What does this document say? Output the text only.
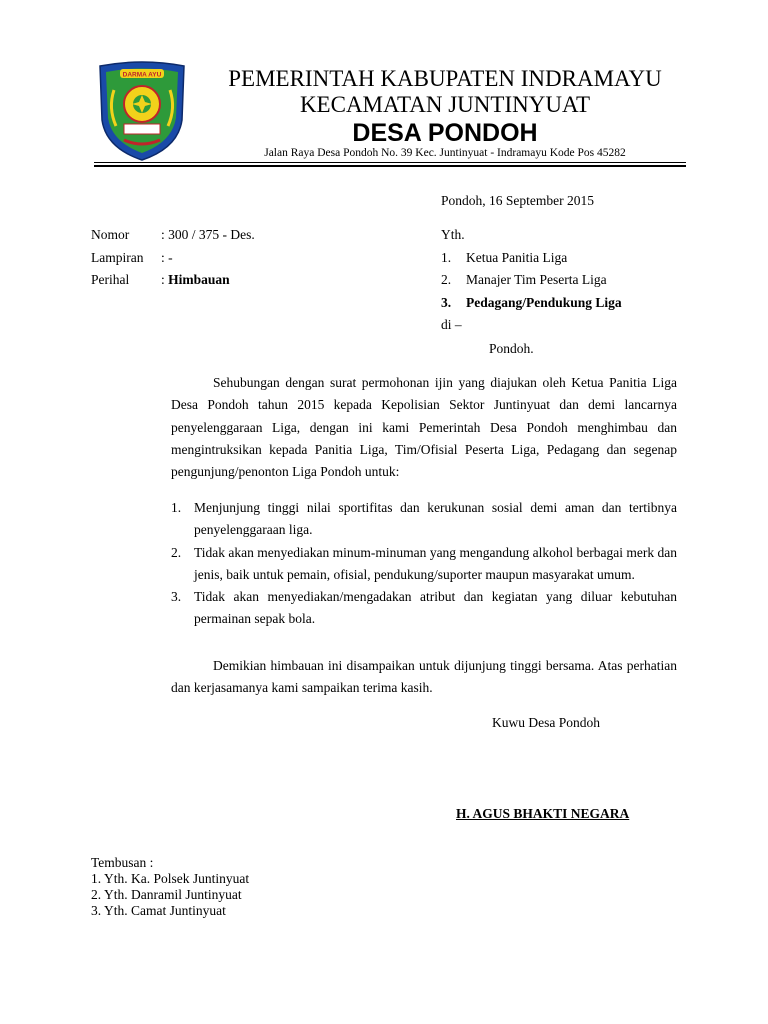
DARMA AYU	PEMERINTAH KABUPATEN INDRAMAYU
KECAMATAN JUNTINYUAT
DESA PONDOH
Jalan Raya Desa Pondoh No. 39 Kec. Juntinyuat - Indramayu Kode Pos 45282
Pondoh, 16 September 2015
Nomor : 300 / 375 - Des.
Lampiran : -
Perihal : Himbauan
Yth.
1. Ketua Panitia Liga
2. Manajer Tim Peserta Liga
3. Pedagang/Pendukung Liga
di –
Pondoh.
Sehubungan dengan surat permohonan ijin yang diajukan oleh Ketua Panitia Liga Desa Pondoh tahun 2015 kepada Kepolisian Sektor Juntinyuat dan demi lancarnya penyelenggaraan Liga, dengan ini kami Pemerintah Desa Pondoh menghimbau dan mengintruksikan kepada Panitia Liga, Tim/Ofisial Peserta Liga, Pedagang dan segenap pengunjung/penonton Liga Pondoh untuk:
1. Menjunjung tinggi nilai sportifitas dan kerukunan sosial demi aman dan tertibnya penyelenggaraan liga.
2. Tidak akan menyediakan minum-minuman yang mengandung alkohol berbagai merk dan jenis, baik untuk pemain, ofisial, pendukung/suporter maupun masyarakat umum.
3. Tidak akan menyediakan/mengadakan atribut dan kegiatan yang diluar kebutuhan permainan sepak bola.
Demikian himbauan ini disampaikan untuk dijunjung tinggi bersama. Atas perhatian dan kerjasamanya kami sampaikan terima kasih.
Kuwu Desa Pondoh
H. AGUS BHAKTI NEGARA
Tembusan :
1. Yth. Ka. Polsek Juntinyuat
2. Yth. Danramil Juntinyuat
3. Yth. Camat Juntinyuat
